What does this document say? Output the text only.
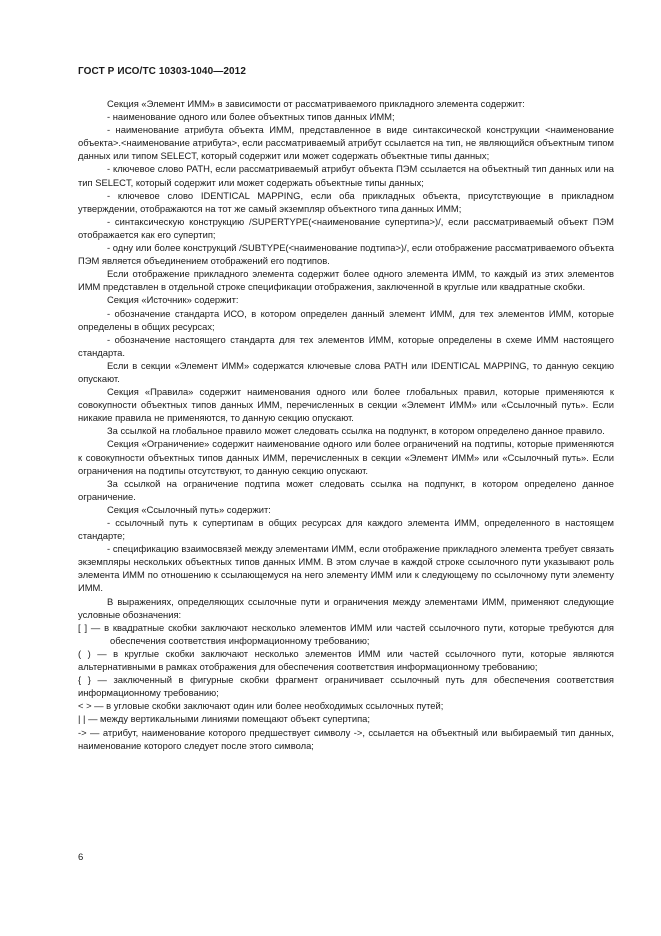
ГОСТ Р ИСО/ТС 10303-1040—2012

Секция «Элемент ИММ» в зависимости от рассматриваемого прикладного элемента содержит:

- наименование одного или более объектных типов данных ИММ;

- наименование атрибута объекта ИММ, представленное в виде синтаксической конструкции <наименование объекта>.<наименование атрибута>, если рассматриваемый атрибут ссылается на тип, не являющийся объектным типом данных или типом SELECT, который содержит или может содержать объектные типы данных;

- ключевое слово PATH, если рассматриваемый атрибут объекта ПЭМ ссылается на объектный тип данных или на тип SELECT, который содержит или может содержать объектные типы данных;

- ключевое слово IDENTICAL MAPPING, если оба прикладных объекта, присутствующие в прикладном утверждении, отображаются на тот же самый экземпляр объектного типа данных ИММ;

- синтаксическую конструкцию /SUPERTYPE(<наименование супертипа>)/, если рассматриваемый объект ПЭМ отображается как его супертип;

- одну или более конструкций /SUBTYPE(<наименование подтипа>)/, если отображение рассматриваемого объекта ПЭМ является объединением отображений его подтипов.

Если отображение прикладного элемента содержит более одного элемента ИММ, то каждый из этих элементов ИММ представлен в отдельной строке спецификации отображения, заключенной в круглые или квадратные скобки.

Секция «Источник» содержит:

- обозначение стандарта ИСО, в котором определен данный элемент ИММ, для тех элементов ИММ, которые определены в общих ресурсах;

- обозначение настоящего стандарта для тех элементов ИММ, которые определены в схеме ИММ настоящего стандарта.

Если в секции «Элемент ИММ» содержатся ключевые слова PATH или IDENTICAL MAPPING, то данную секцию опускают.

Секция «Правила» содержит наименования одного или более глобальных правил, которые применяются к совокупности объектных типов данных ИММ, перечисленных в секции «Элемент ИММ» или «Ссылочный путь». Если никакие правила не применяются, то данную секцию опускают.

За ссылкой на глобальное правило может следовать ссылка на подпункт, в котором определено данное правило.

Секция «Ограничение» содержит наименование одного или более ограничений на подтипы, которые применяются к совокупности объектных типов данных ИММ, перечисленных в секции «Элемент ИММ» или «Ссылочный путь». Если ограничения на подтипы отсутствуют, то данную секцию опускают.

За ссылкой на ограничение подтипа может следовать ссылка на подпункт, в котором определено данное ограничение.

Секция «Ссылочный путь» содержит:

- ссылочный путь к супертипам в общих ресурсах для каждого элемента ИММ, определенного в настоящем стандарте;

- спецификацию взаимосвязей между элементами ИММ, если отображение прикладного элемента требует связать экземпляры нескольких объектных типов данных ИММ. В этом случае в каждой строке ссылочного пути указывают роль элемента ИММ по отношению к ссылающемуся на него элементу ИММ или к следующему по ссылочному пути элементу ИММ.

В выражениях, определяющих ссылочные пути и ограничения между элементами ИММ, применяют следующие условные обозначения:

[ ] — в квадратные скобки заключают несколько элементов ИММ или частей ссылочного пути, которые требуются для обеспечения соответствия информационному требованию;

( ) — в круглые скобки заключают несколько элементов ИММ или частей ссылочного пути, которые являются альтернативными в рамках отображения для обеспечения соответствия информационному требованию;

{ } — заключенный в фигурные скобки фрагмент ограничивает ссылочный путь для обеспечения соответствия информационному требованию;

< > — в угловые скобки заключают один или более необходимых ссылочных путей;

| | — между вертикальными линиями помещают объект супертипа;

-> — атрибут, наименование которого предшествует символу ->, ссылается на объектный или выбираемый тип данных, наименование которого следует после этого символа;

6
